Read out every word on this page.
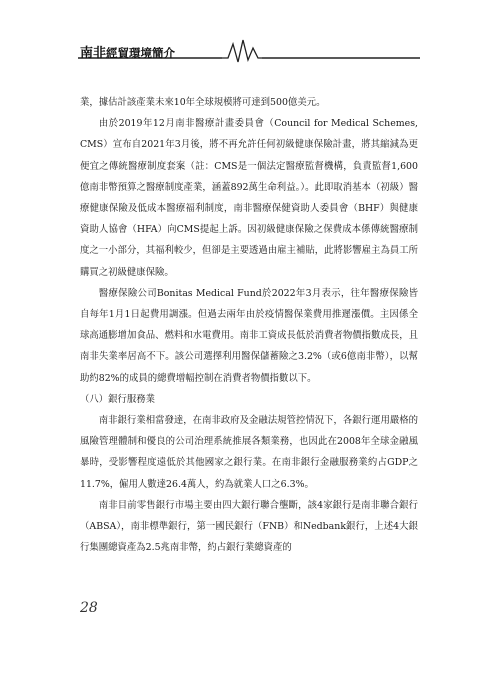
南非經貿環境簡介

業，據估計該產業未來10年全球規模將可達到500億美元。

由於2019年12月南非醫療計畫委員會（Council for Medical Schemes, CMS）宣布自2021年3月後，將不再允許任何初級健康保險計畫，將其縮減為更便宜之傳統醫療制度套案（註：CMS是一個法定醫療監督機構，負責監督1,600億南非幣預算之醫療制度產業，涵蓋892萬生命利益。）。此即取消基本（初級）醫療健康保險及低成本醫療福利制度，南非醫療保健資助人委員會（BHF）與健康資助人協會（HFA）向CMS提起上訴。因初級健康保險之保費成本係傳統醫療制度之一小部分，其福利較少，但卻是主要透過由雇主補貼，此將影響雇主為員工所購買之初級健康保險。

醫療保險公司Bonitas Medical Fund於2022年3月表示，往年醫療保險皆自每年1月1日起費用調漲。但過去兩年由於疫情醫保業費用推遲漲價。主因係全球高通膨增加食品、燃料和水電費用。南非工資成長低於消費者物價指數成長，且南非失業率居高不下。該公司選擇利用醫保儲蓄險之3.2%（或6億南非幣），以幫助約82%的成員的總費增幅控制在消費者物價指數以下。

（八）銀行服務業

南非銀行業相當發達，在南非政府及金融法規管控情況下，各銀行運用嚴格的風險管理體制和優良的公司治理系統推展各類業務，也因此在2008年全球金融風暴時，受影響程度遠低於其他國家之銀行業。在南非銀行金融服務業約占GDP之11.7%，僱用人數達26.4萬人，約為就業人口之6.3%。

南非目前零售銀行市場主要由四大銀行聯合壟斷，該4家銀行是南非聯合銀行（ABSA），南非標準銀行，第一國民銀行（FNB）和Nedbank銀行，上述4大銀行集團總資產為2.5兆南非幣，約占銀行業總資產的

28
